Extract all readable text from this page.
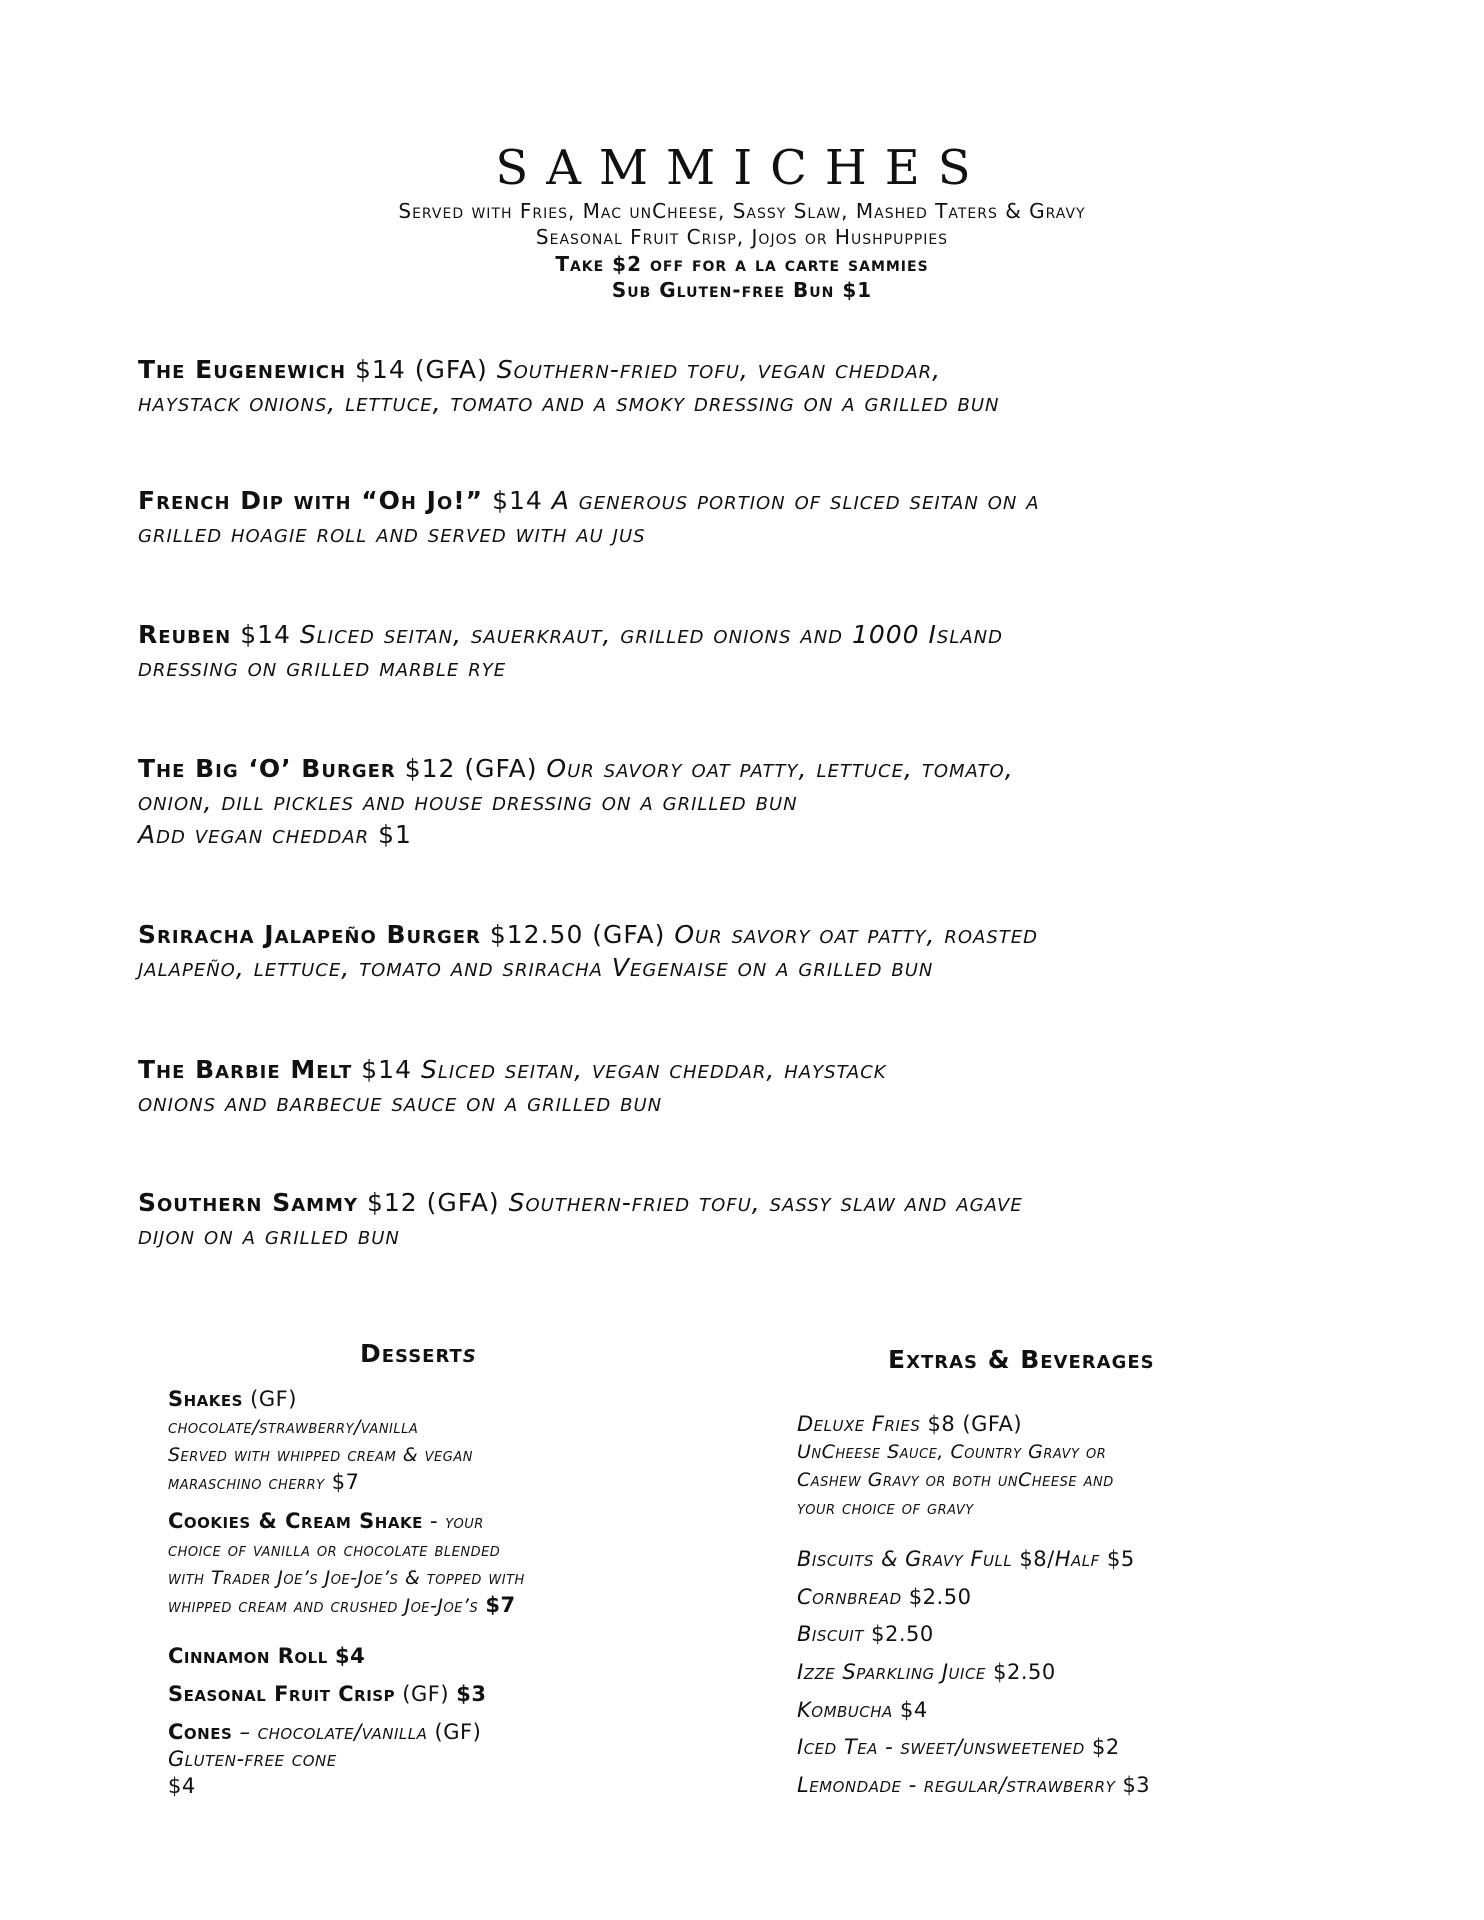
SAMMICHES

Served with Fries, Mac unCheese, Sassy Slaw, Mashed Taters & Gravy

Seasonal Fruit Crisp, Jojos or Hushpuppies

Take $2 off for a la carte sammies

Sub Gluten-free Bun $1

The Eugenewich $14 (GFA) Southern-fried tofu, vegan cheddar,
haystack onions, lettuce, tomato and a smoky dressing on a grilled bun
French Dip with “Oh Jo!” $14 A generous portion of sliced seitan on a
grilled hoagie roll and served with au jus
Reuben $14 Sliced seitan, sauerkraut, grilled onions and 1000 Island
dressing on grilled marble rye
The Big ‘O’ Burger $12 (GFA) Our savory oat patty, lettuce, tomato,
onion, dill pickles and house dressing on a grilled bun
Add vegan cheddar $1
Sriracha Jalapeño Burger $12.50 (GFA) Our savory oat patty, roasted
jalapeño, lettuce, tomato and sriracha Vegenaise on a grilled bun
The Barbie Melt $14 Sliced seitan, vegan cheddar, haystack
onions and barbecue sauce on a grilled bun
Southern Sammy $12 (GFA) Southern-fried tofu, sassy slaw and agave
dijon on a grilled bun
Desserts
Shakes (GF)
chocolate/strawberry/vanilla
Served with whipped cream & vegan
maraschino cherry $7
Cookies & Cream Shake - your
choice of vanilla or chocolate blended
with Trader Joe’s Joe-Joe’s & topped with
whipped cream and crushed Joe-Joe’s $7
Cinnamon Roll $4
Seasonal Fruit Crisp (GF) $3
Cones – chocolate/vanilla (GF)
Gluten-free cone
$4
Extras & Beverages
Deluxe Fries $8 (GFA)
UnCheese Sauce, Country Gravy or
Cashew Gravy or both unCheese and
your choice of gravy
Biscuits & Gravy Full $8/Half $5
Cornbread $2.50
Biscuit $2.50
Izze Sparkling Juice $2.50
Kombucha $4
Iced Tea - sweet/unsweetened $2
Lemondade - regular/strawberry $3
